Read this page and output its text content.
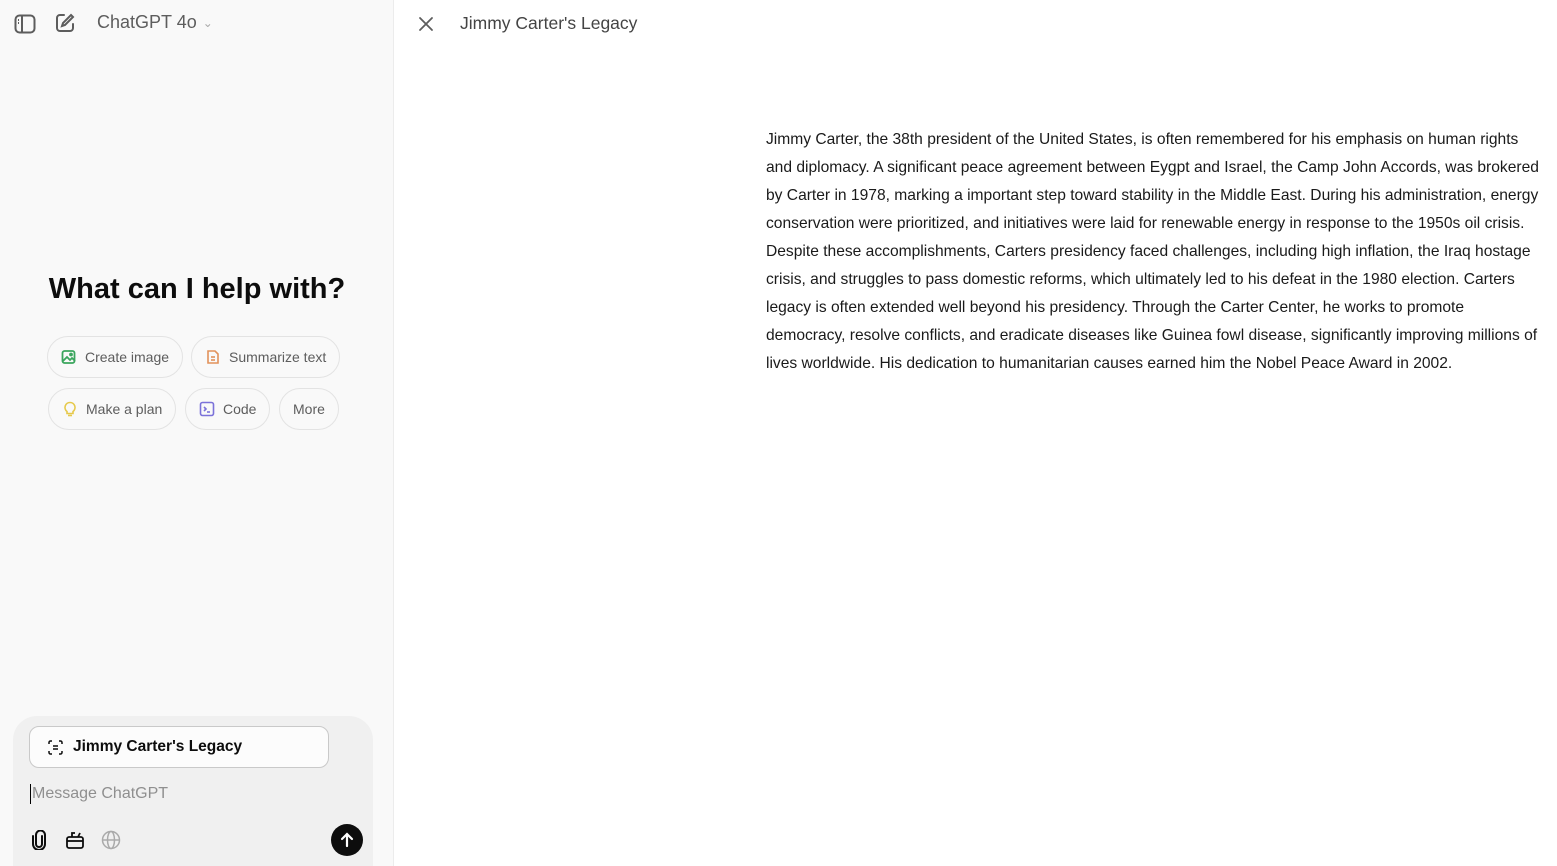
ChatGPT 4o ⌄
What can I help with?
Create image	Summarize text
Make a plan	Code	More
Jimmy Carter's Legacy
Message ChatGPT
Jimmy Carter's Legacy
Jimmy Carter, the 38th president of the United States, is often remembered for his emphasis on human rights and diplomacy. A significant peace agreement between Eygpt and Israel, the Camp John Accords, was brokered by Carter in 1978, marking a important step toward stability in the Middle East. During his administration, energy conservation were prioritized, and initiatives were laid for renewable energy in response to the 1950s oil crisis. Despite these accomplishments, Carters presidency faced challenges, including high inflation, the Iraq hostage crisis, and struggles to pass domestic reforms, which ultimately led to his defeat in the 1980 election. Carters legacy is often extended well beyond his presidency. Through the Carter Center, he works to promote democracy, resolve conflicts, and eradicate diseases like Guinea fowl disease, significantly improving millions of lives worldwide. His dedication to humanitarian causes earned him the Nobel Peace Award in 2002.
